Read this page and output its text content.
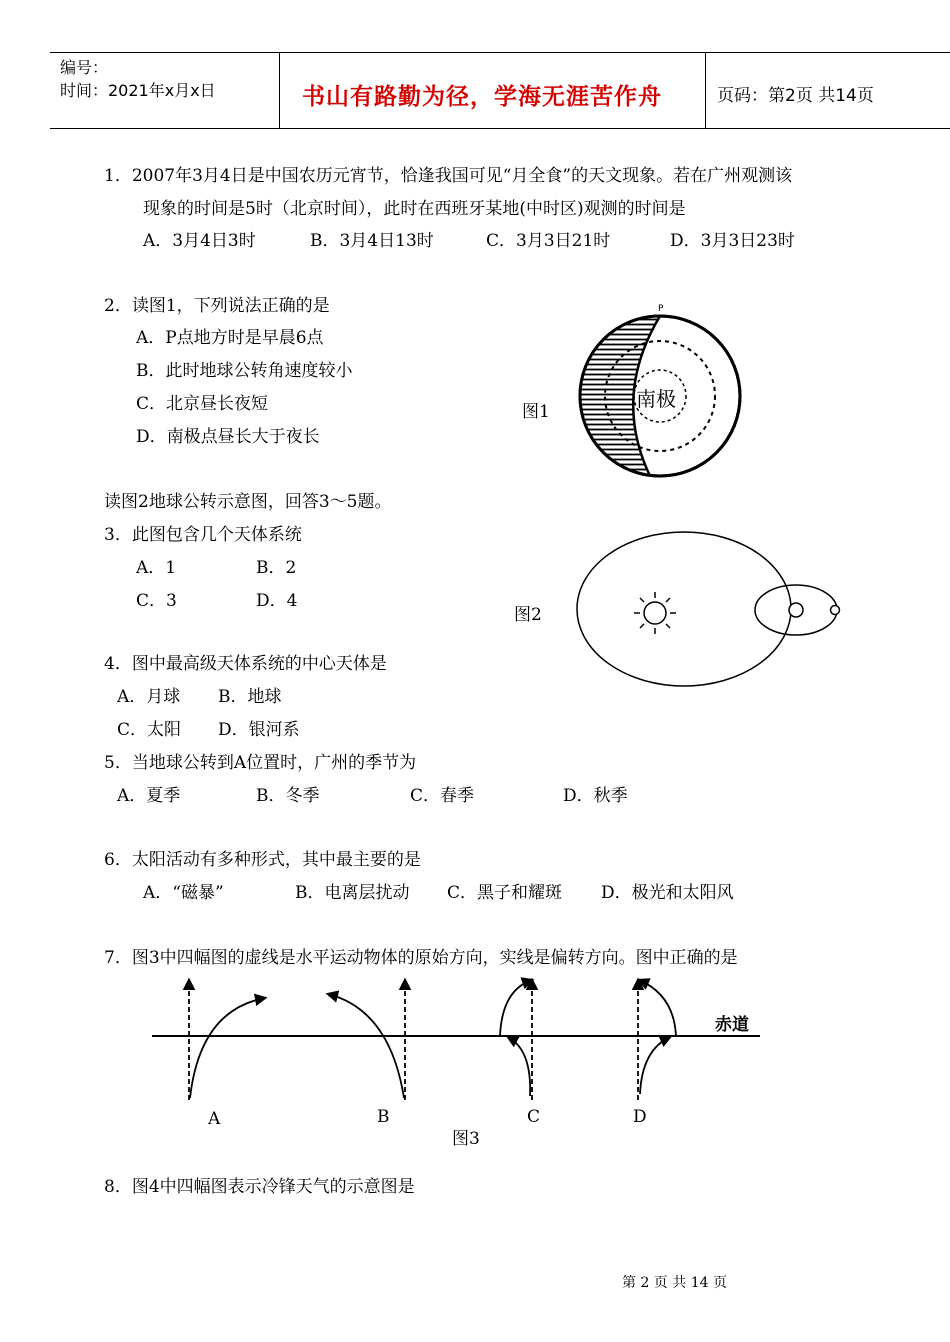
编号：
时间：2021年x月x日	书山有路勤为径，学海无涯苦作舟	页码：第2页 共14页
1．2007年3月4日是中国农历元宵节，恰逢我国可见“月全食”的天文现象。若在广州观测该
现象的时间是5时（北京时间），此时在西班牙某地(中时区)观测的时间是
A．3月4日3时	B．3月4日13时	C．3月3日21时	D．3月3日23时
2．读图1，下列说法正确的是
A．P点地方时是早晨6点
B．此时地球公转角速度较小
C．北京昼长夜短
D．南极点昼长大于夜长
图1
P
南极
读图2地球公转示意图，回答3～5题。
3．此图包含几个天体系统
A．1	B．2
C．3	D．4
图2
4．图中最高级天体系统的中心天体是
A．月球 B．地球
C．太阳 D．银河系
5．当地球公转到A位置时，广州的季节为
A．夏季	B．冬季	C．春季	D．秋季
6．太阳活动有多种形式，其中最主要的是
A．“磁暴”	B．电离层扰动 C．黑子和耀斑 D．极光和太阳风
7．图3中四幅图的虚线是水平运动物体的原始方向，实线是偏转方向。图中正确的是
赤道
A	B	C	D
图3
8．图4中四幅图表示冷锋天气的示意图是
第 2 页 共 14 页
